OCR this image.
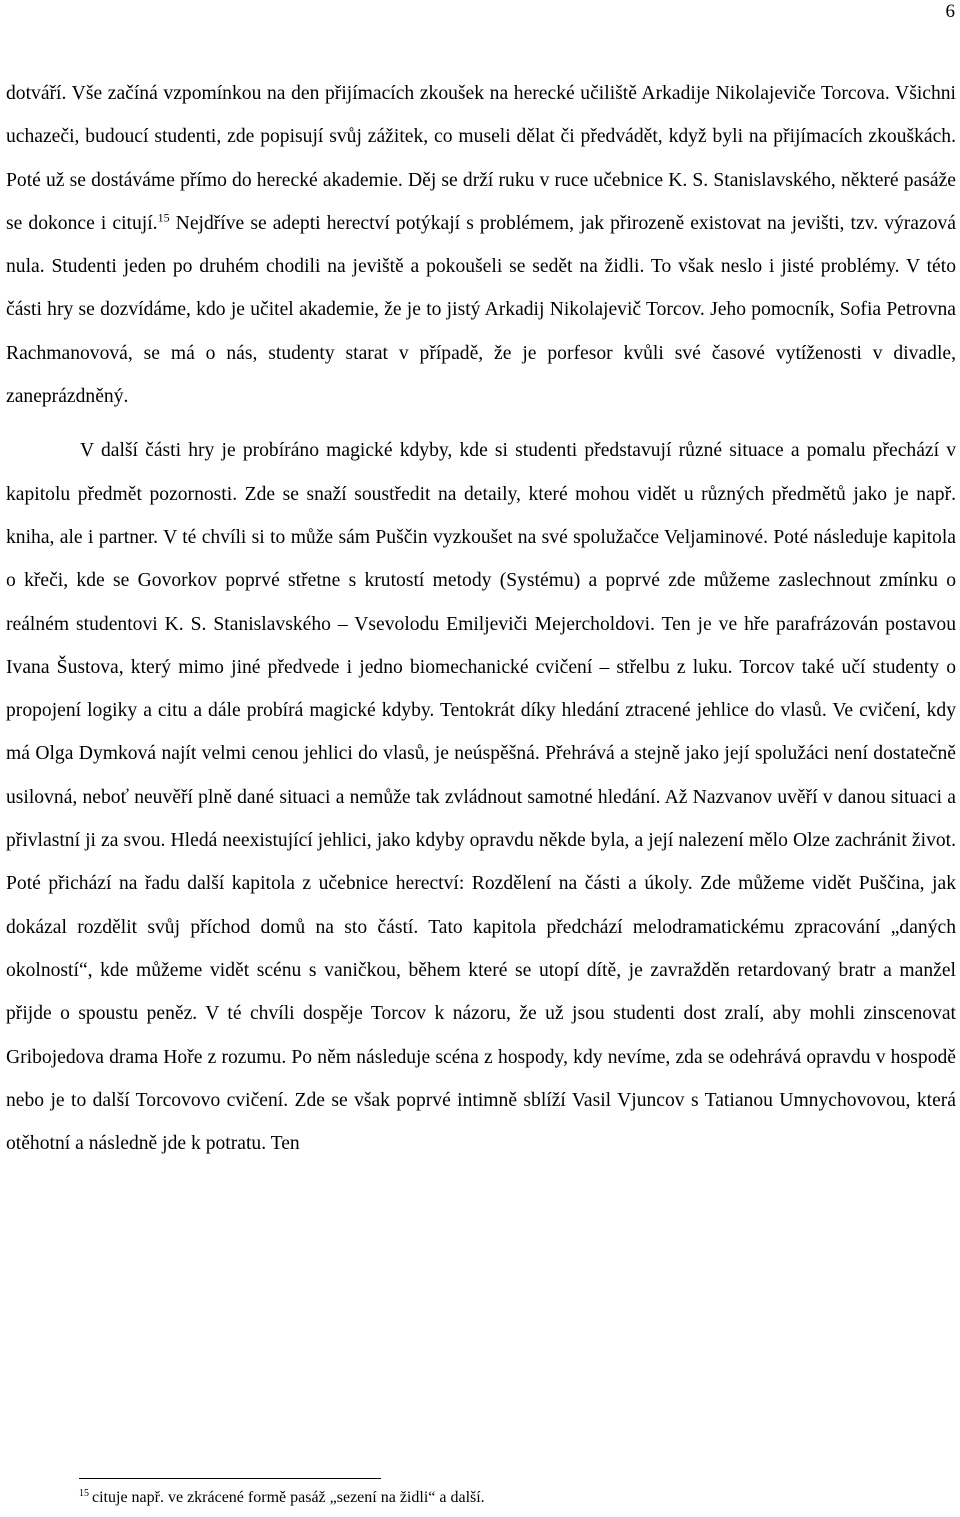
6

dotváří. Vše začíná vzpomínkou na den přijímacích zkoušek na herecké učiliště Arkadije Nikolajeviče Torcova. Všichni uchazeči, budoucí studenti, zde popisují svůj zážitek, co museli dělat či předvádět, když byli na přijímacích zkouškách. Poté už se dostáváme přímo do herecké akademie. Děj se drží ruku v ruce učebnice K. S. Stanislavského, některé pasáže se dokonce i citují.$^{15}$ Nejdříve se adepti herectví potýkají s problémem, jak přirozeně existovat na jevišti, tzv. výrazová nula. Studenti jeden po druhém chodili na jeviště a pokoušeli se sedět na židli. To však neslo i jisté problémy. V této části hry se dozvídáme, kdo je učitel akademie, že je to jistý Arkadij Nikolajevič Torcov. Jeho pomocník, Sofia Petrovna Rachmanovová, se má o nás, studenty starat v případě, že je porfesor kvůli své časové vytíženosti v divadle, zaneprázdněný.

V další části hry je probíráno magické kdyby, kde si studenti představují různé situace a pomalu přechází v kapitolu předmět pozornosti. Zde se snaží soustředit na detaily, které mohou vidět u různých předmětů jako je např. kniha, ale i partner. V té chvíli si to může sám Puščin vyzkoušet na své spolužačce Veljaminové. Poté následuje kapitola o křeči, kde se Govorkov poprvé střetne s krutostí metody (Systému) a poprvé zde můžeme zaslechnout zmínku o reálném studentovi K. S. Stanislavského – Vsevolodu Emiljeviči Mejercholdovi. Ten je ve hře parafrázován postavou Ivana Šustova, který mimo jiné předvede i jedno biomechanické cvičení – střelbu z luku. Torcov také učí studenty o propojení logiky a citu a dále probírá magické kdyby. Tentokrát díky hledání ztracené jehlice do vlasů. Ve cvičení, kdy má Olga Dymková najít velmi cenou jehlici do vlasů, je neúspěšná. Přehrává a stejně jako její spolužáci není dostatečně usilovná, neboť neuvěří plně dané situaci a nemůže tak zvládnout samotné hledání. Až Nazvanov uvěří v danou situaci a přivlastní ji za svou. Hledá neexistující jehlici, jako kdyby opravdu někde byla, a její nalezení mělo Olze zachránit život. Poté přichází na řadu další kapitola z učebnice herectví: Rozdělení na části a úkoly. Zde můžeme vidět Puščina, jak dokázal rozdělit svůj příchod domů na sto částí. Tato kapitola předchází melodramatickému zpracování „daných okolností“, kde můžeme vidět scénu s vaničkou, během které se utopí dítě, je zavražděn retardovaný bratr a manžel přijde o spoustu peněz. V té chvíli dospěje Torcov k názoru, že už jsou studenti dost zralí, aby mohli zinscenovat Gribojedova drama Hoře z rozumu. Po něm následuje scéna z hospody, kdy nevíme, zda se odehrává opravdu v hospodě nebo je to další Torcovovo cvičení. Zde se však poprvé intimně sblíží Vasil Vjuncov s Tatianou Umnychovovou, která otěhotní a následně jde k potratu. Ten

$^{15}$ cituje např. ve zkrácené formě pasáž „sezení na židli“ a další.
